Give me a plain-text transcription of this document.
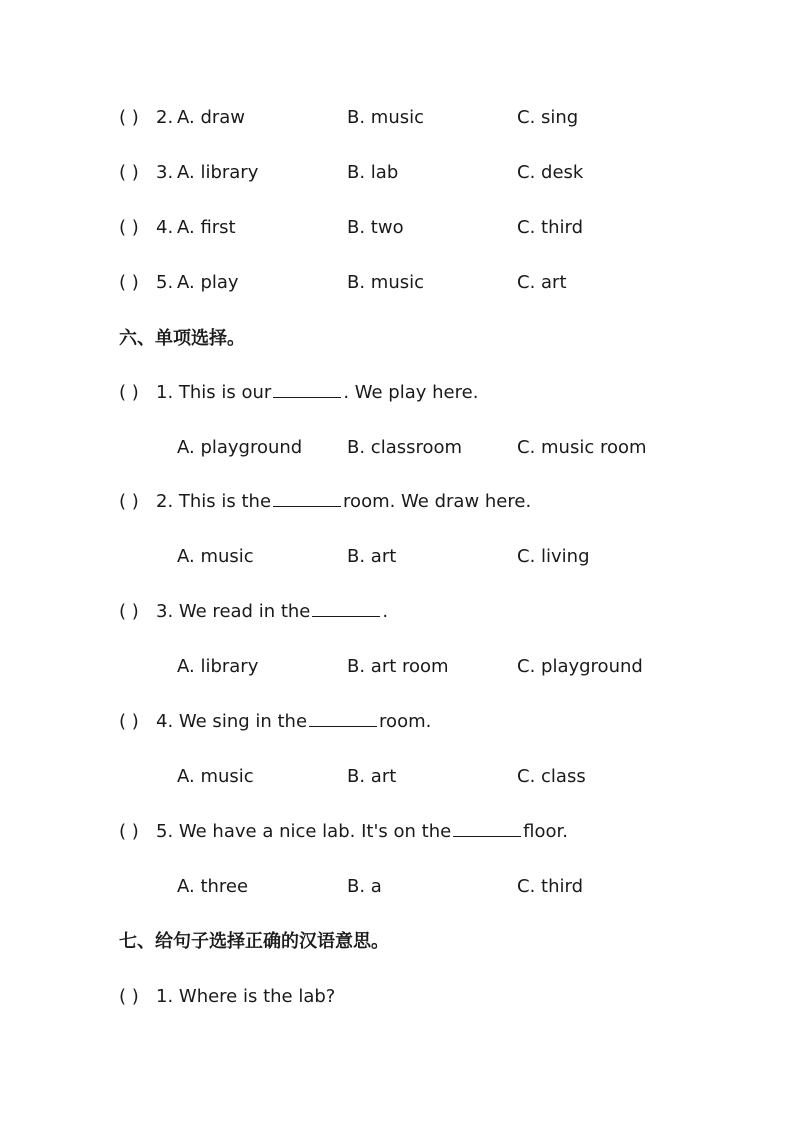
( ) 2. A. draw	B. music	C. sing
( ) 3. A. library	B. lab	C. desk
( ) 4. A. first	B. two	C. third
( ) 5. A. play	B. music	C. art
六、单项选择。
( ) 1. This is our	. We play here.
A. playground B. classroom	C. music room
( ) 2. This is the	room. We draw here.
A. music	B. art	C. living
( ) 3. We read in the	.
A. library	B. art room	C. playground
( ) 4. We sing in the	room.
A. music	B. art	C. class
( ) 5. We have a nice lab. It's on the	floor.
A. three	B. a	C. third
七、给句子选择正确的汉语意思。
( ) 1. Where is the lab?
